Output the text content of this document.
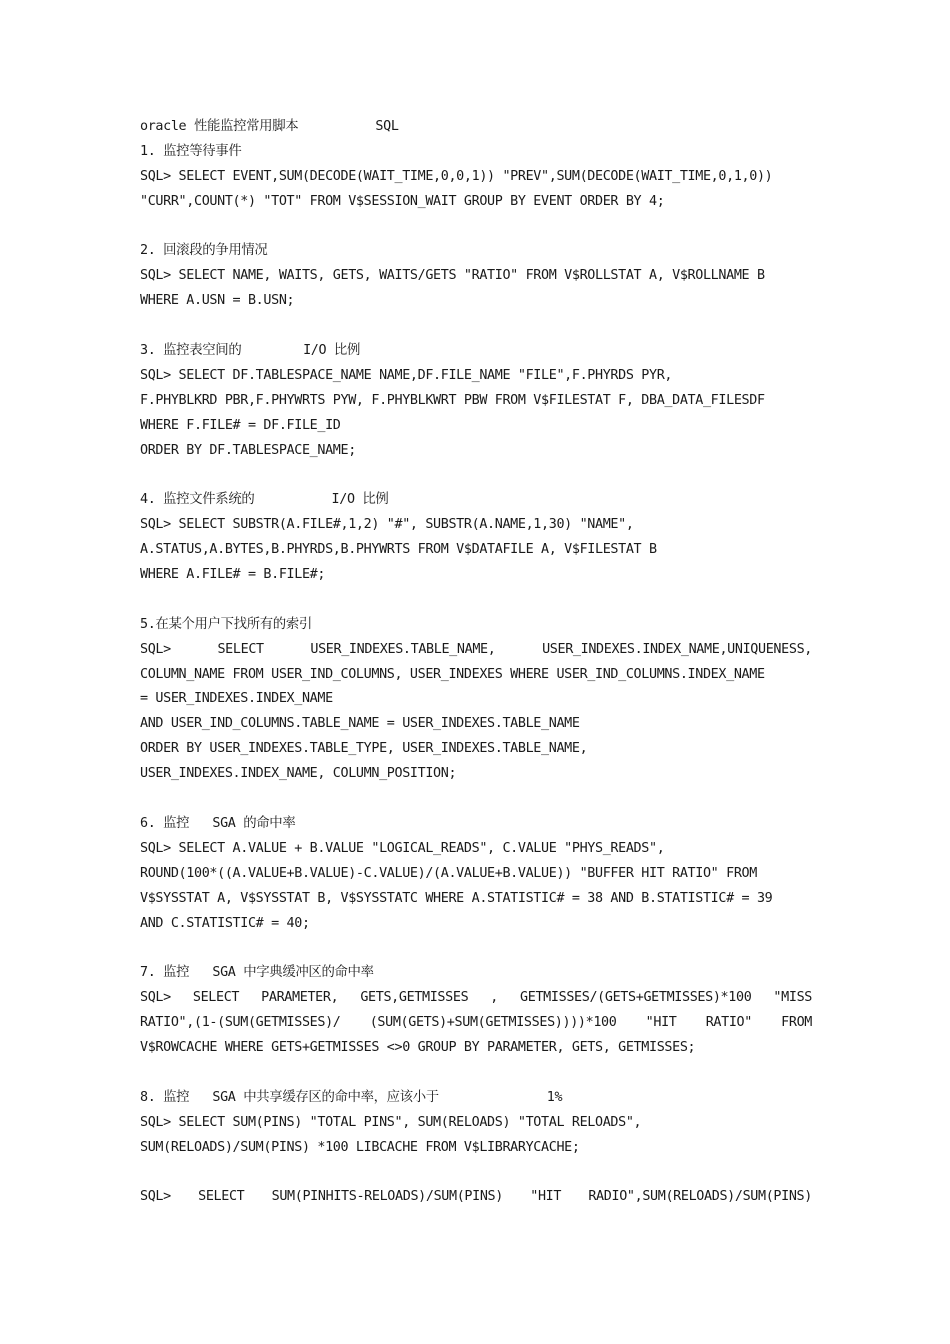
oracle 性能监控常用脚本          SQL
1. 监控等待事件
SQL> SELECT EVENT,SUM(DECODE(WAIT_TIME,0,0,1)) "PREV",SUM(DECODE(WAIT_TIME,0,1,0))
"CURR",COUNT(*) "TOT" FROM V$SESSION_WAIT GROUP BY EVENT ORDER BY 4;
2. 回滚段的争用情况
SQL> SELECT NAME, WAITS, GETS, WAITS/GETS "RATIO" FROM V$ROLLSTAT A, V$ROLLNAME B
WHERE A.USN = B.USN;
3. 监控表空间的        I/O 比例
SQL> SELECT DF.TABLESPACE_NAME NAME,DF.FILE_NAME "FILE",F.PHYRDS PYR,
F.PHYBLKRD PBR,F.PHYWRTS PYW, F.PHYBLKWRT PBW FROM V$FILESTAT F, DBA_DATA_FILESDF
WHERE F.FILE# = DF.FILE_ID
ORDER BY DF.TABLESPACE_NAME;
4. 监控文件系统的          I/O 比例
SQL> SELECT SUBSTR(A.FILE#,1,2) "#", SUBSTR(A.NAME,1,30) "NAME",
A.STATUS,A.BYTES,B.PHYRDS,B.PHYWRTS FROM V$DATAFILE A, V$FILESTAT B
WHERE A.FILE# = B.FILE#;
5.在某个用户下找所有的索引
SQL> SELECT USER_INDEXES.TABLE_NAME, USER_INDEXES.INDEX_NAME,UNIQUENESS,
COLUMN_NAME FROM USER_IND_COLUMNS, USER_INDEXES WHERE USER_IND_COLUMNS.INDEX_NAME
= USER_INDEXES.INDEX_NAME
AND USER_IND_COLUMNS.TABLE_NAME = USER_INDEXES.TABLE_NAME
ORDER BY USER_INDEXES.TABLE_TYPE, USER_INDEXES.TABLE_NAME,
USER_INDEXES.INDEX_NAME, COLUMN_POSITION;
6. 监控   SGA 的命中率
SQL> SELECT A.VALUE + B.VALUE "LOGICAL_READS", C.VALUE "PHYS_READS",
ROUND(100*((A.VALUE+B.VALUE)-C.VALUE)/(A.VALUE+B.VALUE)) "BUFFER HIT RATIO" FROM
V$SYSSTAT A, V$SYSSTAT B, V$SYSSTATC WHERE A.STATISTIC# = 38 AND B.STATISTIC# = 39
AND C.STATISTIC# = 40;
7. 监控   SGA 中字典缓冲区的命中率
SQL> SELECT PARAMETER, GETS,GETMISSES , GETMISSES/(GETS+GETMISSES)*100 "MISS
RATIO",(1-(SUM(GETMISSES)/ (SUM(GETS)+SUM(GETMISSES))))*100 "HIT RATIO" FROM
V$ROWCACHE WHERE GETS+GETMISSES <>0 GROUP BY PARAMETER, GETS, GETMISSES;
8. 监控   SGA 中共享缓存区的命中率，应该小于              1%
SQL> SELECT SUM(PINS) "TOTAL PINS", SUM(RELOADS) "TOTAL RELOADS",
SUM(RELOADS)/SUM(PINS) *100 LIBCACHE FROM V$LIBRARYCACHE;
SQL> SELECT SUM(PINHITS-RELOADS)/SUM(PINS) "HIT RADIO",SUM(RELOADS)/SUM(PINS)
